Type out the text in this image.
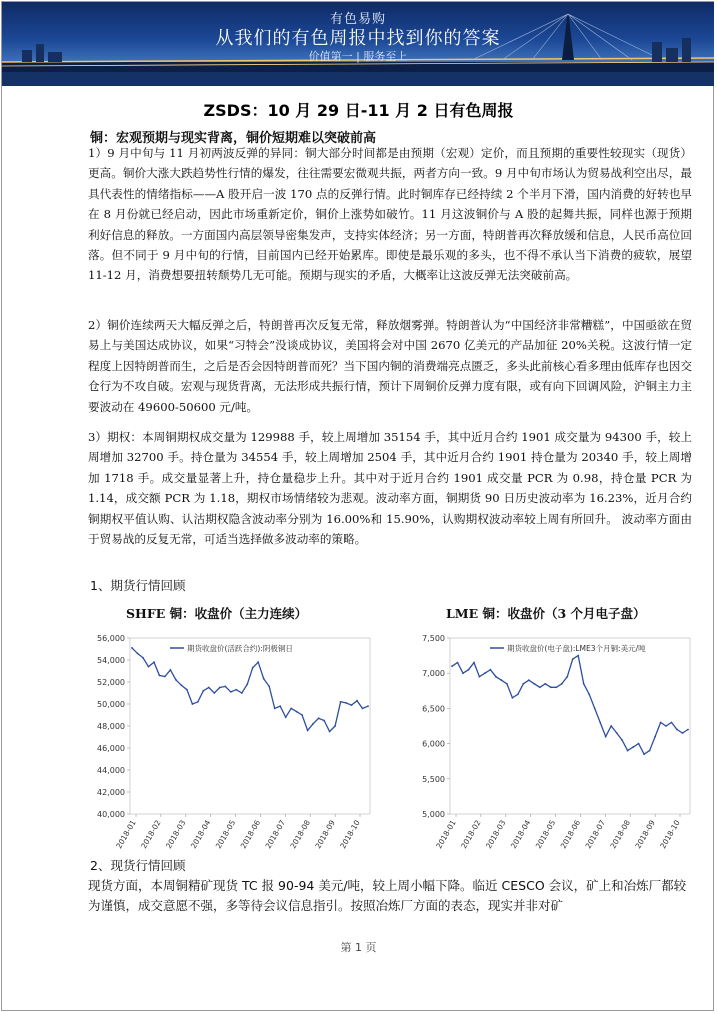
有色易购
从我们的有色周报中找到你的答案
价值第一 | 服务至上
ZSDS：10 月 29 日-11 月 2 日有色周报
铜：宏观预期与现实背离，铜价短期难以突破前高
1）9 月中旬与 11 月初两波反弹的异同：铜大部分时间都是由预期（宏观）定价，而且预期的重要性较现实（现货）更高。铜价大涨大跌趋势性行情的爆发，往往需要宏微观共振，两者方向一致。9 月中旬市场认为贸易战利空出尽，最具代表性的情绪指标——A 股开启一波 170 点的反弹行情。此时铜库存已经持续 2 个半月下滑，国内消费的好转也早在 8 月份就已经启动，因此市场重新定价，铜价上涨势如破竹。11 月这波铜价与 A 股的起舞共振，同样也源于预期利好信息的释放。一方面国内高层领导密集发声，支持实体经济；另一方面，特朗普再次释放缓和信息，人民币高位回落。但不同于 9 月中旬的行情，目前国内已经开始累库。即使是最乐观的多头，也不得不承认当下消费的疲软，展望 11-12 月，消费想要扭转颓势几无可能。预期与现实的矛盾，大概率让这波反弹无法突破前高。
2）铜价连续两天大幅反弹之后，特朗普再次反复无常，释放烟雾弹。特朗普认为“中国经济非常糟糕”，中国亟欲在贸易上与美国达成协议，如果“习特会”没谈成协议，美国将会对中国 2670 亿美元的产品加征 20%关税。这波行情一定程度上因特朗普而生，之后是否会因特朗普而死？当下国内铜的消费端亮点匮乏，多头此前核心看多理由低库存也因交仓行为不攻自破。宏观与现货背离，无法形成共振行情，预计下周铜价反弹力度有限，或有向下回调风险，沪铜主力主要波动在 49600-50600 元/吨。
3）期权：本周铜期权成交量为 129988 手，较上周增加 35154 手，其中近月合约 1901 成交量为 94300 手，较上周增加 32700 手。持仓量为 34554 手，较上周增加 2504 手，其中近月合约 1901 持仓量为 20340 手，较上周增加 1718 手。成交量显著上升，持仓量稳步上升。其中对于近月合约 1901 成交量 PCR 为 0.98，持仓量 PCR 为 1.14，成交额 PCR 为 1.18，期权市场情绪较为悲观。波动率方面，铜期货 90 日历史波动率为 16.23%，近月合约铜期权平值认购、认沽期权隐含波动率分别为 16.00%和 15.90%，认购期权波动率较上周有所回升。 波动率方面由于贸易战的反复无常，可适当选择做多波动率的策略。
1、期货行情回顾
SHFE 铜：收盘价（主力连续）	LME 铜：收盘价（3 个月电子盘）
56,000
54,000
52,000
50,000
48,000
46,000
44,000
42,000
40,000
2018-01 2018-02 2018-03 2018-04 2018-05 2018-06 2018-07 2018-08 2018-09 2018-10
期货收盘价(活跃合约):阴极铜日
7,500
7,000
6,500
6,000
5,500
5,000
2018-01 2018-02 2018-03 2018-04 2018-05 2018-06 2018-07 2018-08 2018-09 2018-10
期货收盘价(电子盘):LME3个月铜:美元/吨
2、现货行情回顾
现货方面，本周铜精矿现货 TC 报 90-94 美元/吨，较上周小幅下降。临近 CESCO 会议，矿上和冶炼厂都较为谨慎，成交意愿不强，多等待会议信息指引。按照冶炼厂方面的表态，现实并非对矿
第 1 页
